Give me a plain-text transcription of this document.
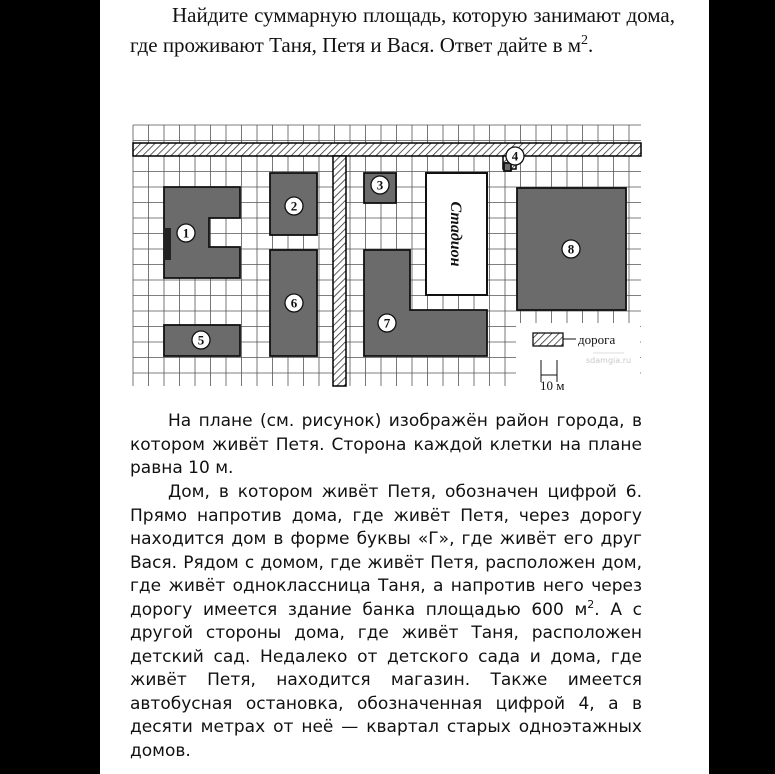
Найдите суммарную площадь, которую занимают дома, где проживают Таня, Петя и Вася. Ответ дайте в $м^2$.

Стадион
1
2
3
4
5
6
7
8
дорога
sdamgia.ru
10 м

На плане (см. рисунок) изображён район города, в котором живёт Петя. Сторона каждой клетки на плане равна 10 м.

Дом, в котором живёт Петя, обозначен цифрой 6. Прямо напротив дома, где живёт Петя, через дорогу находится дом в форме буквы «Г», где живёт его друг Вася. Рядом с домом, где живёт Петя, расположен дом, где живёт одноклассница Таня, а напротив него через дорогу имеется здание банка площадью 600 $м^2$. А с другой стороны дома, где живёт Таня, расположен детский сад. Недалеко от детского сада и дома, где живёт Петя, находится магазин. Также имеется автобусная остановка, обозначенная цифрой 4, а в десяти метрах от неё — квартал старых одноэтажных домов.
